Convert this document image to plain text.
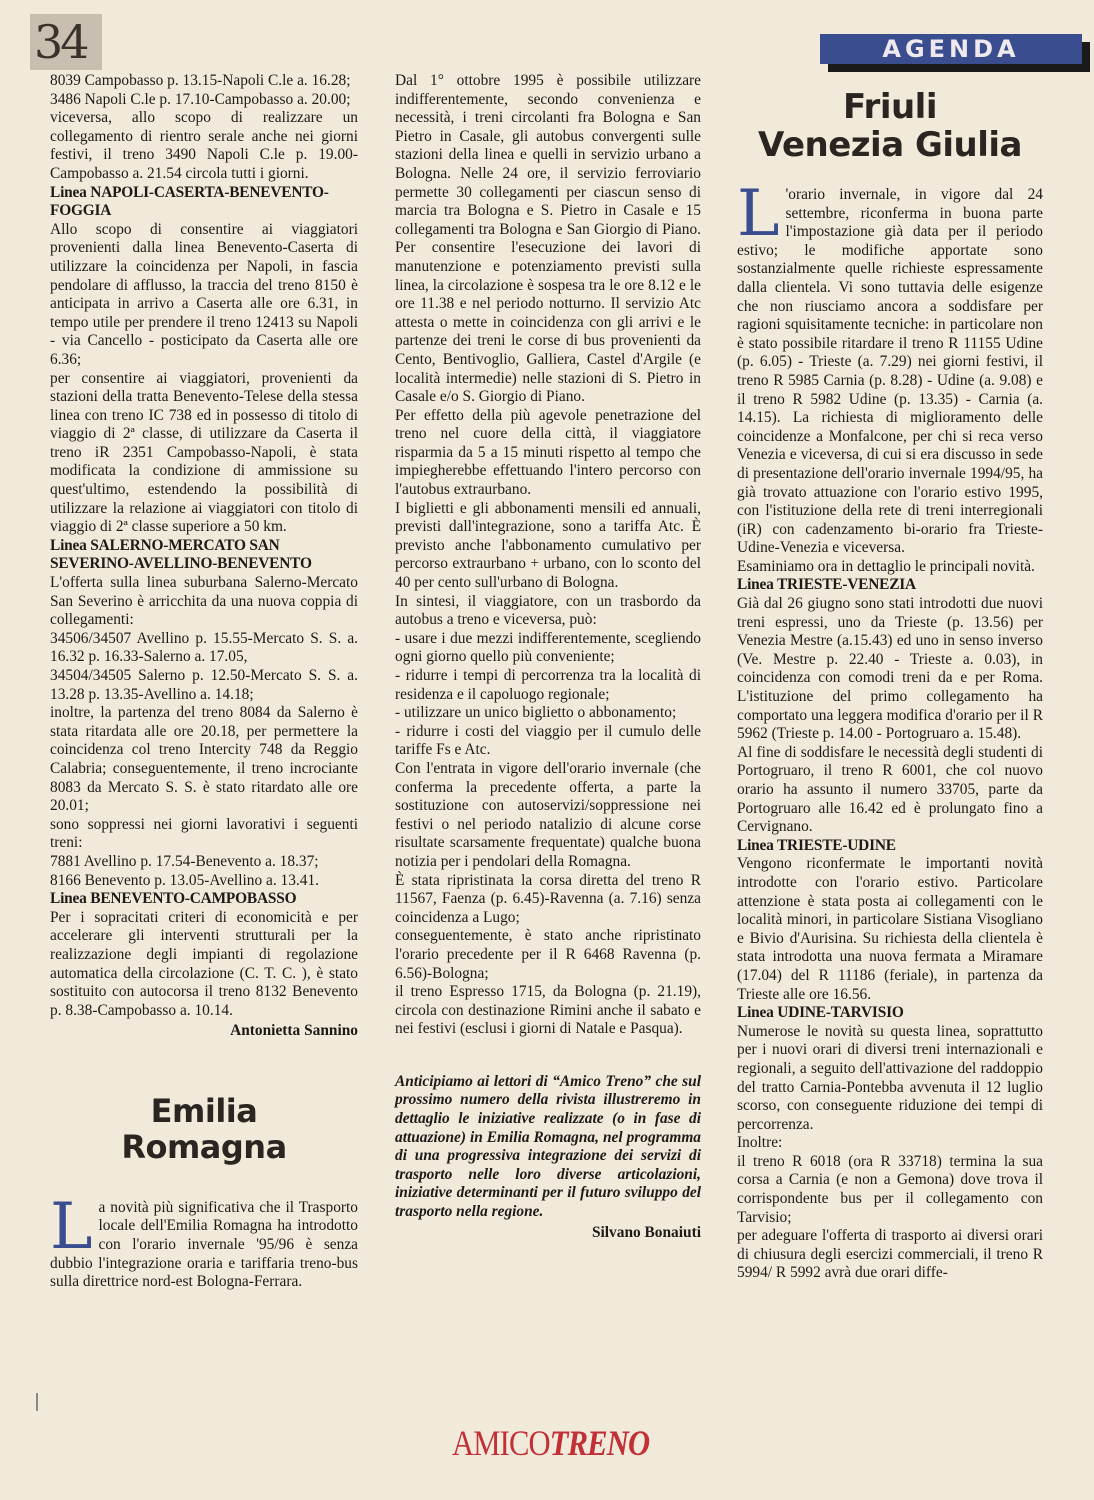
34	AGENDA

8039 Campobasso p. 13.15-Napoli C.le a. 16.28;

3486 Napoli C.le p. 17.10-Campobasso a. 20.00;

viceversa, allo scopo di realizzare un collegamento di rientro serale anche nei giorni festivi, il treno 3490 Napoli C.le p. 19.00-Campobasso a. 21.54 circola tutti i giorni.

Linea NAPOLI-CASERTA-BENEVENTO-FOGGIA

Allo scopo di consentire ai viaggiatori provenienti dalla linea Benevento-Caserta di utilizzare la coincidenza per Napoli, in fascia pendolare di afflusso, la traccia del treno 8150 è anticipata in arrivo a Caserta alle ore 6.31, in tempo utile per prendere il treno 12413 su Napoli - via Cancello - posticipato da Caserta alle ore 6.36;

per consentire ai viaggiatori, provenienti da stazioni della tratta Benevento-Telese della stessa linea con treno IC 738 ed in possesso di titolo di viaggio di 2ª classe, di utilizzare da Caserta il treno iR 2351 Campobasso-Napoli, è stata modificata la condizione di ammissione su quest'ultimo, estendendo la possibilità di utilizzare la relazione ai viaggiatori con titolo di viaggio di 2ª classe superiore a 50 km.

Linea SALERNO-MERCATO SAN SEVERINO-AVELLINO-BENEVENTO

L'offerta sulla linea suburbana Salerno-Mercato San Severino è arricchita da una nuova coppia di collegamenti:

34506/34507 Avellino p. 15.55-Mercato S. S. a. 16.32 p. 16.33-Salerno a. 17.05,

34504/34505 Salerno p. 12.50-Mercato S. S. a. 13.28 p. 13.35-Avellino a. 14.18;

inoltre, la partenza del treno 8084 da Salerno è stata ritardata alle ore 20.18, per permettere la coincidenza col treno Intercity 748 da Reggio Calabria; conseguentemente, il treno incrociante 8083 da Mercato S. S. è stato ritardato alle ore 20.01;

sono soppressi nei giorni lavorativi i seguenti treni:

7881 Avellino p. 17.54-Benevento a. 18.37;

8166 Benevento p. 13.05-Avellino a. 13.41.

Linea BENEVENTO-CAMPOBASSO

Per i sopracitati criteri di economicità e per accelerare gli interventi strutturali per la realizzazione degli impianti di regolazione automatica della circolazione (C. T. C. ), è stato sostituito con autocorsa il treno 8132 Benevento p. 8.38-Campobasso a. 10.14.

Antonietta Sannino

Emilia
Romagna

La novità più significativa che il Trasporto locale dell'Emilia Romagna ha introdotto con l'orario invernale '95/96 è senza dubbio l'integrazione oraria e tariffaria treno-bus sulla direttrice nord-est Bologna-Ferrara.

Dal 1° ottobre 1995 è possibile utilizzare indifferentemente, secondo convenienza e necessità, i treni circolanti fra Bologna e San Pietro in Casale, gli autobus convergenti sulle stazioni della linea e quelli in servizio urbano a Bologna. Nelle 24 ore, il servizio ferroviario permette 30 collegamenti per ciascun senso di marcia tra Bologna e S. Pietro in Casale e 15 collegamenti tra Bologna e San Giorgio di Piano. Per consentire l'esecuzione dei lavori di manutenzione e potenziamento previsti sulla linea, la circolazione è sospesa tra le ore 8.12 e le ore 11.38 e nel periodo notturno. Il servizio Atc attesta o mette in coincidenza con gli arrivi e le partenze dei treni le corse di bus provenienti da Cento, Bentivoglio, Galliera, Castel d'Argile (e località intermedie) nelle stazioni di S. Pietro in Casale e/o S. Giorgio di Piano.

Per effetto della più agevole penetrazione del treno nel cuore della città, il viaggiatore risparmia da 5 a 15 minuti rispetto al tempo che impiegherebbe effettuando l'intero percorso con l'autobus extraurbano.

I biglietti e gli abbonamenti mensili ed annuali, previsti dall'integrazione, sono a tariffa Atc. È previsto anche l'abbonamento cumulativo per percorso extraurbano + urbano, con lo sconto del 40 per cento sull'urbano di Bologna.

In sintesi, il viaggiatore, con un trasbordo da autobus a treno e viceversa, può:

- usare i due mezzi indifferentemente, scegliendo ogni giorno quello più conveniente;

- ridurre i tempi di percorrenza tra la località di residenza e il capoluogo regionale;

- utilizzare un unico biglietto o abbonamento;

- ridurre i costi del viaggio per il cumulo delle tariffe Fs e Atc.

Con l'entrata in vigore dell'orario invernale (che conferma la precedente offerta, a parte la sostituzione con autoservizi/soppressione nei festivi o nel periodo natalizio di alcune corse risultate scarsamente frequentate) qualche buona notizia per i pendolari della Romagna.

È stata ripristinata la corsa diretta del treno R 11567, Faenza (p. 6.45)-Ravenna (a. 7.16) senza coincidenza a Lugo;

conseguentemente, è stato anche ripristinato l'orario precedente per il R 6468 Ravenna (p. 6.56)-Bologna;

il treno Espresso 1715, da Bologna (p. 21.19), circola con destinazione Rimini anche il sabato e nei festivi (esclusi i giorni di Natale e Pasqua).

Anticipiamo ai lettori di “Amico Treno” che sul prossimo numero della rivista illustreremo in dettaglio le iniziative realizzate (o in fase di attuazione) in Emilia Romagna, nel programma di una progressiva integrazione dei servizi di trasporto nelle loro diverse articolazioni, iniziative determinanti per il futuro sviluppo del trasporto nella regione.

Silvano Bonaiuti

Friuli
Venezia Giulia

L 'orario invernale, in vigore dal 24 settembre, riconferma in buona parte l'impostazione già data per il periodo estivo; le modifiche apportate sono sostanzialmente quelle richieste espressamente dalla clientela. Vi sono tuttavia delle esigenze che non riusciamo ancora a soddisfare per ragioni squisitamente tecniche: in particolare non è stato possibile ritardare il treno R 11155 Udine (p. 6.05) - Trieste (a. 7.29) nei giorni festivi, il treno R 5985 Carnia (p. 8.28) - Udine (a. 9.08) e il treno R 5982 Udine (p. 13.35) - Carnia (a. 14.15). La richiesta di miglioramento delle coincidenze a Monfalcone, per chi si reca verso Venezia e viceversa, di cui si era discusso in sede di presentazione dell'orario invernale 1994/95, ha già trovato attuazione con l'orario estivo 1995, con l'istituzione della rete di treni interregionali (iR) con cadenzamento bi-orario fra Trieste-Udine-Venezia e viceversa.

Esaminiamo ora in dettaglio le principali novità.

Linea TRIESTE-VENEZIA

Già dal 26 giugno sono stati introdotti due nuovi treni espressi, uno da Trieste (p. 13.56) per Venezia Mestre (a.15.43) ed uno in senso inverso (Ve. Mestre p. 22.40 - Trieste a. 0.03), in coincidenza con comodi treni da e per Roma. L'istituzione del primo collegamento ha comportato una leggera modifica d'orario per il R 5962 (Trieste p. 14.00 - Portogruaro a. 15.48).

Al fine di soddisfare le necessità degli studenti di Portogruaro, il treno R 6001, che col nuovo orario ha assunto il numero 33705, parte da Portogruaro alle 16.42 ed è prolungato fino a Cervignano.

Linea TRIESTE-UDINE

Vengono riconfermate le importanti novità introdotte con l'orario estivo. Particolare attenzione è stata posta ai collegamenti con le località minori, in particolare Sistiana Visogliano e Bivio d'Aurisina. Su richiesta della clientela è stata introdotta una nuova fermata a Miramare (17.04) del R 11186 (feriale), in partenza da Trieste alle ore 16.56.

Linea UDINE-TARVISIO

Numerose le novità su questa linea, soprattutto per i nuovi orari di diversi treni internazionali e regionali, a seguito dell'attivazione del raddoppio del tratto Carnia-Pontebba avvenuta il 12 luglio scorso, con conseguente riduzione dei tempi di percorrenza.

Inoltre:

il treno R 6018 (ora R 33718) termina la sua corsa a Carnia (e non a Gemona) dove trova il corrispondente bus per il collegamento con Tarvisio;

per adeguare l'offerta di trasporto ai diversi orari di chiusura degli esercizi commerciali, il treno R 5994/ R 5992 avrà due orari diffe-

AMICOTRENO
